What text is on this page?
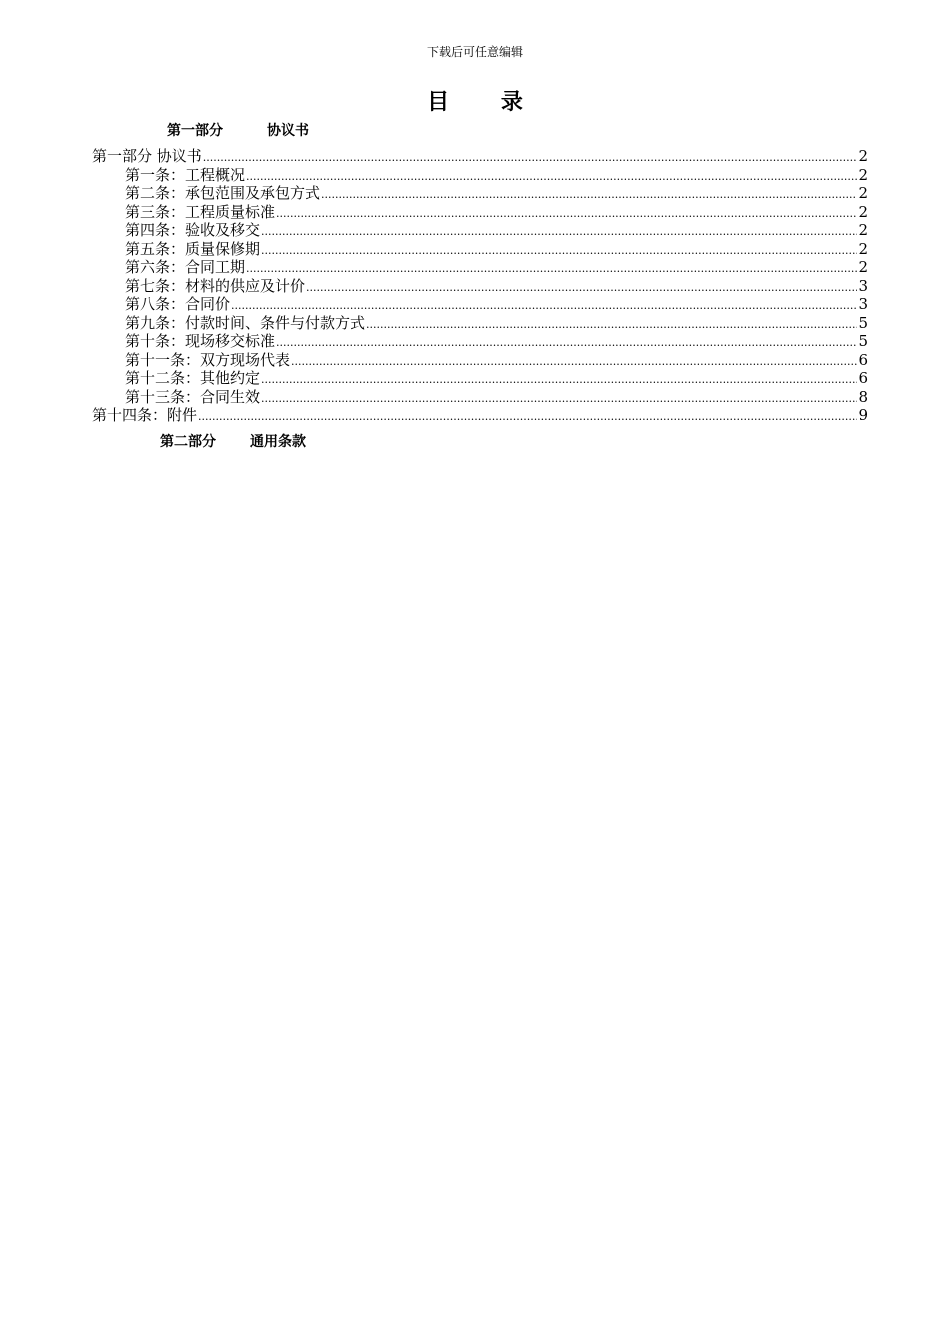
下载后可任意编辑
目 录
第一部分	协议书
第一部分 协议书 .....	2
第一条：工程概况 .....	2
第二条：承包范围及承包方式 .....	2
第三条：工程质量标准 .....	2
第四条：验收及移交 .....	2
第五条：质量保修期 .....	2
第六条：合同工期 .....	2
第七条：材料的供应及计价 .....	3
第八条：合同价 .....	3
第九条：付款时间、条件与付款方式 .....	5
第十条：现场移交标准 .....	5
第十一条：双方现场代表 .....	6
第十二条：其他约定 .....	6
第十三条：合同生效 .....	8
第十四条：附件 .....	9
第二部分 通用条款
